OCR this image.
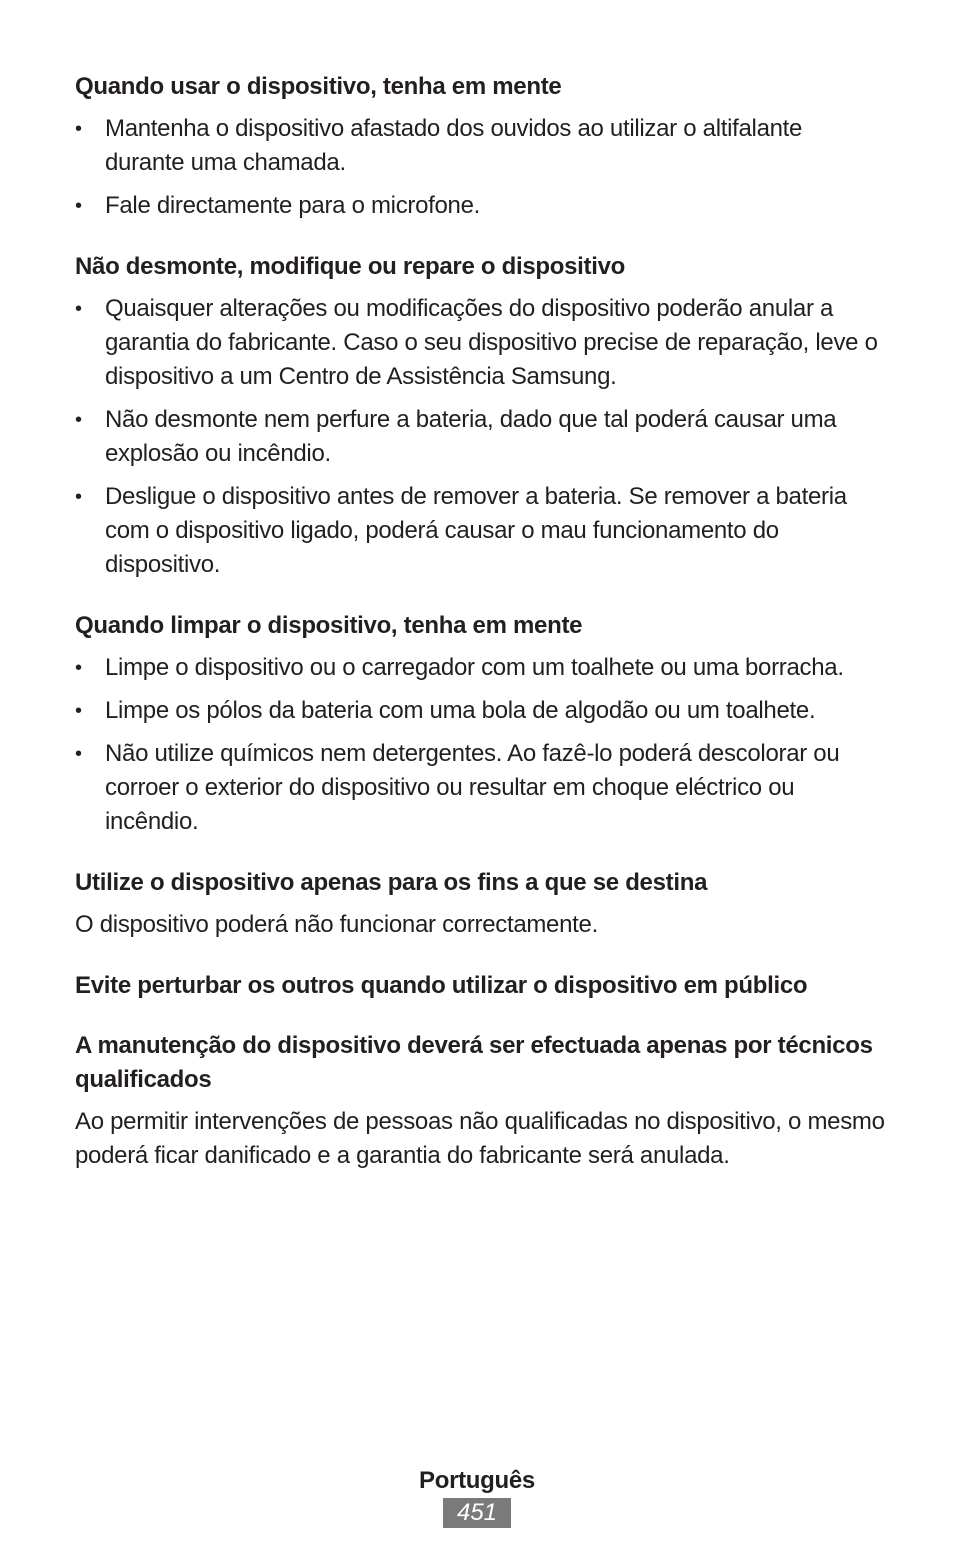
Quando usar o dispositivo, tenha em mente
• Mantenha o dispositivo afastado dos ouvidos ao utilizar o altifalante durante uma chamada.
• Fale directamente para o microfone.
Não desmonte, modifique ou repare o dispositivo
• Quaisquer alterações ou modificações do dispositivo poderão anular a garantia do fabricante. Caso o seu dispositivo precise de reparação, leve o dispositivo a um Centro de Assistência Samsung.
• Não desmonte nem perfure a bateria, dado que tal poderá causar uma explosão ou incêndio.
• Desligue o dispositivo antes de remover a bateria. Se remover a bateria com o dispositivo ligado, poderá causar o mau funcionamento do dispositivo.
Quando limpar o dispositivo, tenha em mente
• Limpe o dispositivo ou o carregador com um toalhete ou uma borracha.
• Limpe os pólos da bateria com uma bola de algodão ou um toalhete.
• Não utilize químicos nem detergentes. Ao fazê-lo poderá descolorar ou corroer o exterior do dispositivo ou resultar em choque eléctrico ou incêndio.
Utilize o dispositivo apenas para os fins a que se destina
O dispositivo poderá não funcionar correctamente.
Evite perturbar os outros quando utilizar o dispositivo em público
A manutenção do dispositivo deverá ser efectuada apenas por técnicos qualificados
Ao permitir intervenções de pessoas não qualificadas no dispositivo, o mesmo poderá ficar danificado e a garantia do fabricante será anulada.
Português
451
